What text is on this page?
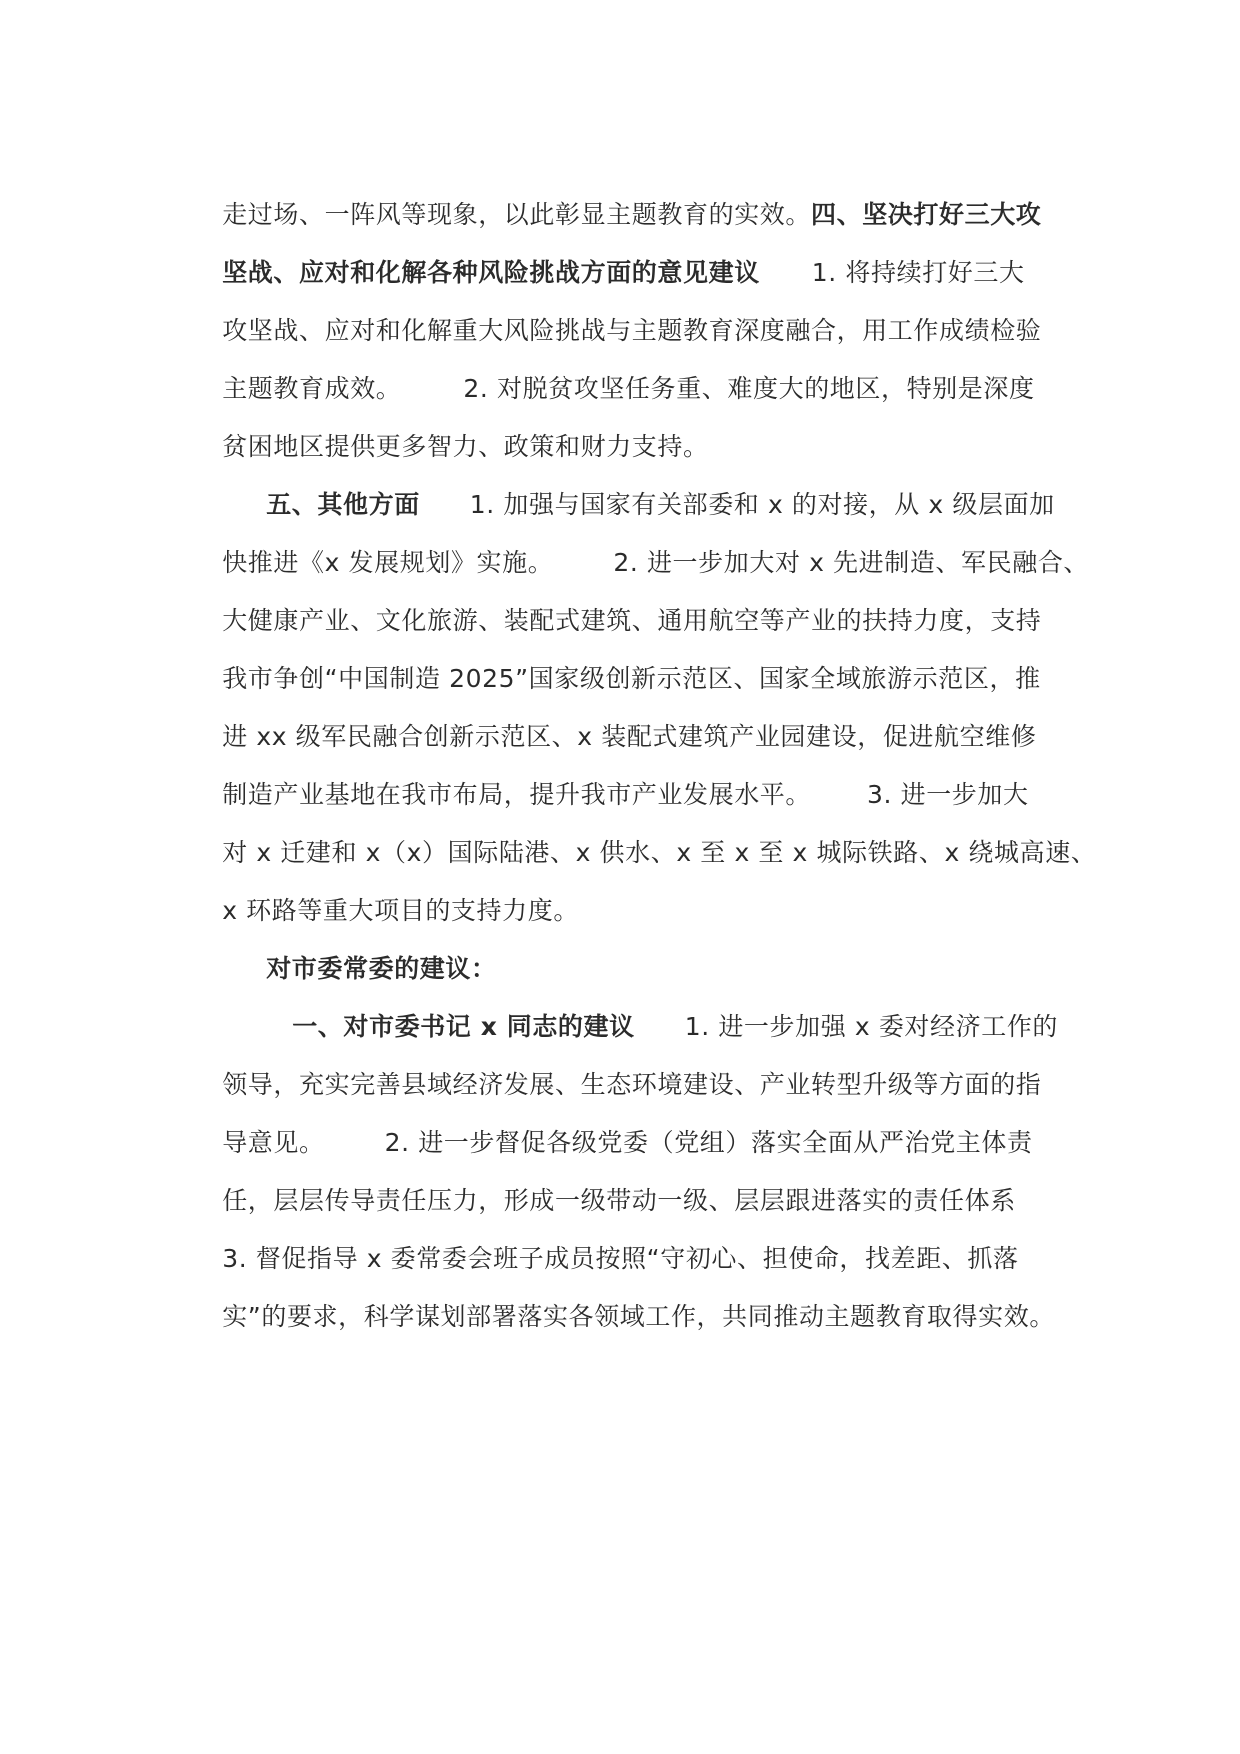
走过场、一阵风等现象，以此彰显主题教育的实效。四、坚决打好三大攻

坚战、应对和化解各种风险挑战方面的意见建议 1. 将持续打好三大

攻坚战、应对和化解重大风险挑战与主题教育深度融合，用工作成绩检验

主题教育成效。 2. 对脱贫攻坚任务重、难度大的地区，特别是深度

贫困地区提供更多智力、政策和财力支持。

五、其他方面 1. 加强与国家有关部委和 x 的对接，从 x 级层面加

快推进《x 发展规划》实施。 2. 进一步加大对 x 先进制造、军民融合、

大健康产业、文化旅游、装配式建筑、通用航空等产业的扶持力度，支持

我市争创“中国制造 2025”国家级创新示范区、国家全域旅游示范区，推

进 xx 级军民融合创新示范区、x 装配式建筑产业园建设，促进航空维修

制造产业基地在我市布局，提升我市产业发展水平。 3. 进一步加大

对 x 迁建和 x（x）国际陆港、x 供水、x 至 x 至 x 城际铁路、x 绕城高速、

x 环路等重大项目的支持力度。

对市委常委的建议：

一、对市委书记 x 同志的建议 1. 进一步加强 x 委对经济工作的

领导，充实完善县域经济发展、生态环境建设、产业转型升级等方面的指

导意见。 2. 进一步督促各级党委（党组）落实全面从严治党主体责

任，层层传导责任压力，形成一级带动一级、层层跟进落实的责任体系

3. 督促指导 x 委常委会班子成员按照“守初心、担使命，找差距、抓落

实”的要求，科学谋划部署落实各领域工作，共同推动主题教育取得实效。
